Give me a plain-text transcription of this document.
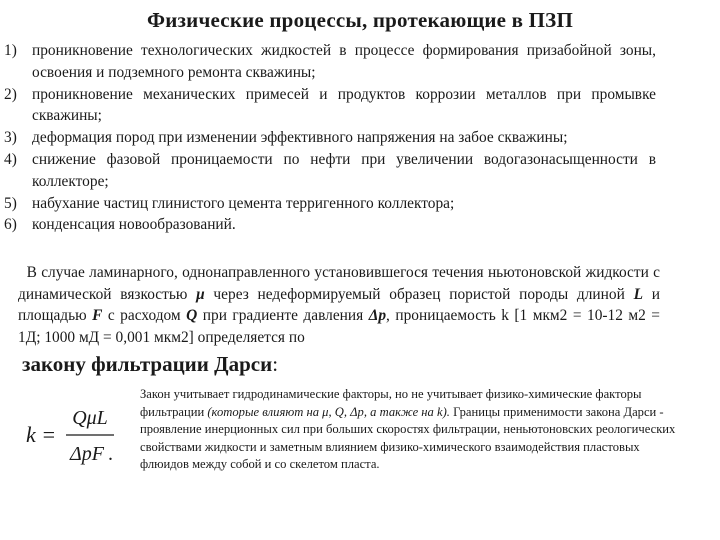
Физические процессы, протекающие в ПЗП
1) проникновение технологических жидкостей в процессе формирования призабойной зоны, освоения и подземного ремонта скважины;
2) проникновение механических примесей и продуктов коррозии металлов при промывке скважины;
3) деформация пород при изменении эффективного напряжения на забое скважины;
4) снижение фазовой проницаемости по нефти при увеличении водогазонасыщенности в коллекторе;
5) набухание частиц глинистого цемента терригенного коллектора;
6) конденсация новообразований.
В случае ламинарного, однонаправленного установившегося течения ньютоновской жидкости с динамической вязкостью μ через недеформируемый образец пористой породы длиной L и площадью F с расходом Q при градиенте давления Δp, проницаемость k [1 мкм2 = 10-12 м2 = 1Д; 1000 мД = 0,001 мкм2] определяется по
закону фильтрации Дарси:
k =
QμL
ΔpF .
Закон учитывает гидродинамические факторы, но не учитывает физико-химические факторы фильтрации (которые влияют на μ, Q, Δр, а также на k). Границы применимости закона Дарси - проявление инерционных сил при больших скоростях фильтрации, неньютоновских реологических свойствами жидкости и заметным влиянием физико-химического взаимодействия пластовых флюидов между собой и со скелетом пласта.
